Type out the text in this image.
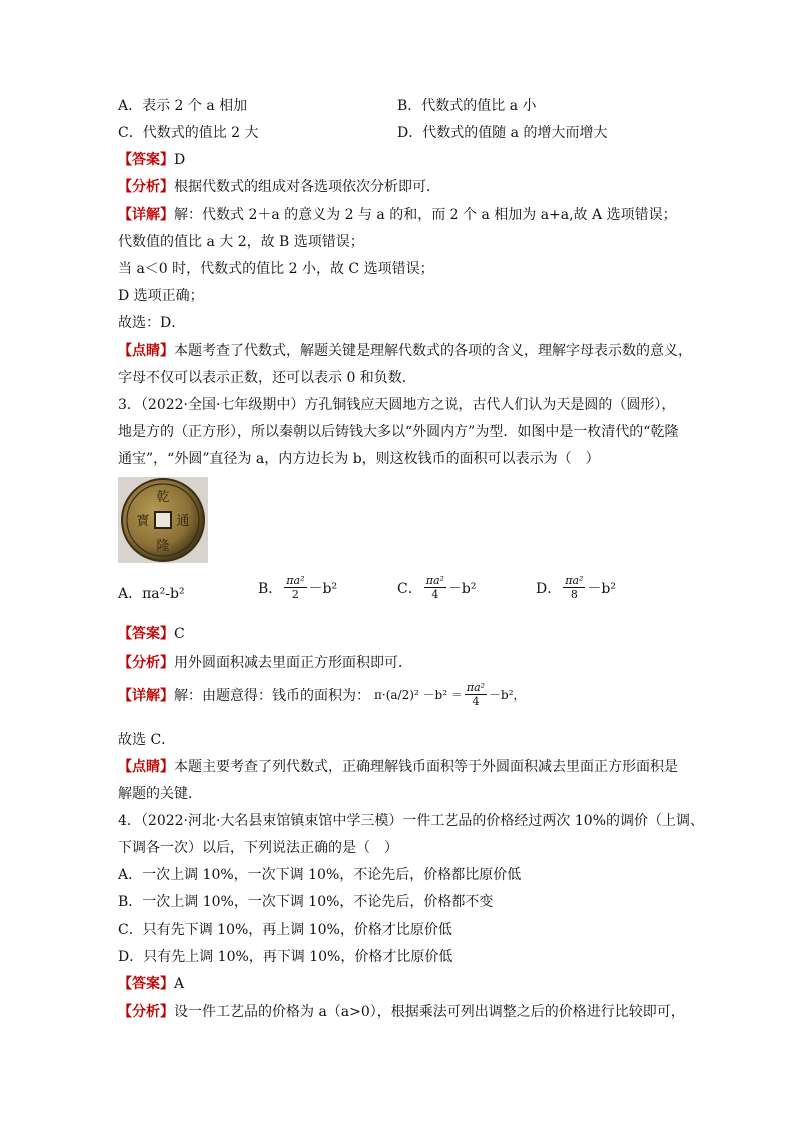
A．表示 2 个 a 相加	B．代数式的值比 a 小
C．代数式的值比 2 大	D．代数式的值随 a 的增大而增大
【答案】D
【分析】根据代数式的组成对各选项依次分析即可．
【详解】解：代数式 2＋a 的意义为 2 与 a 的和，而 2 个 a 相加为 a+a,故 A 选项错误；
代数值的值比 a 大 2，故 B 选项错误；
当 a＜0 时，代数式的值比 2 小，故 C 选项错误；
D 选项正确；
故选：D．
【点睛】本题考查了代数式，解题关键是理解代数式的各项的含义，理解字母表示数的意义，
字母不仅可以表示正数，还可以表示 0 和负数．
3．（2022·全国·七年级期中）方孔铜钱应天圆地方之说，古代人们认为天是圆的（圆形），
地是方的（正方形），所以秦朝以后铸钱大多以“外圆内方”为型．如图中是一枚清代的“乾隆
通宝”，“外圆”直径为 a，内方边长为 b，则这枚钱币的面积可以表示为（　）
乾
隆
通
寳
A．πa²-b²	B． $\frac{\text{πa²}}{2} -b^2$	C． $\frac{\text{πa²}}{4} -b^2$	D． $\frac{\text{πa²}}{8} -b^2$
【答案】C
【分析】用外圆面积减去里面正方形面积即可．
【详解】 解：由题意得：钱币的面积为： $\pi\cdot(a/2)^2 -b^2 = \frac{\text{πa²}}{4} -b^2$，
故选 C．
【点睛】本题主要考查了列代数式，正确理解钱币面积等于外圆面积减去里面正方形面积是
解题的关键．
4．（2022·河北·大名县束馆镇束馆中学三模）一件工艺品的价格经过两次 10%的调价（上调、
下调各一次）以后，下列说法正确的是（　）
A．一次上调 10%，一次下调 10%，不论先后，价格都比原价低
B．一次上调 10%，一次下调 10%，不论先后，价格都不变
C．只有先下调 10%，再上调 10%，价格才比原价低
D．只有先上调 10%，再下调 10%，价格才比原价低
【答案】A
【分析】设一件工艺品的价格为 a（a>0），根据乘法可列出调整之后的价格进行比较即可，
